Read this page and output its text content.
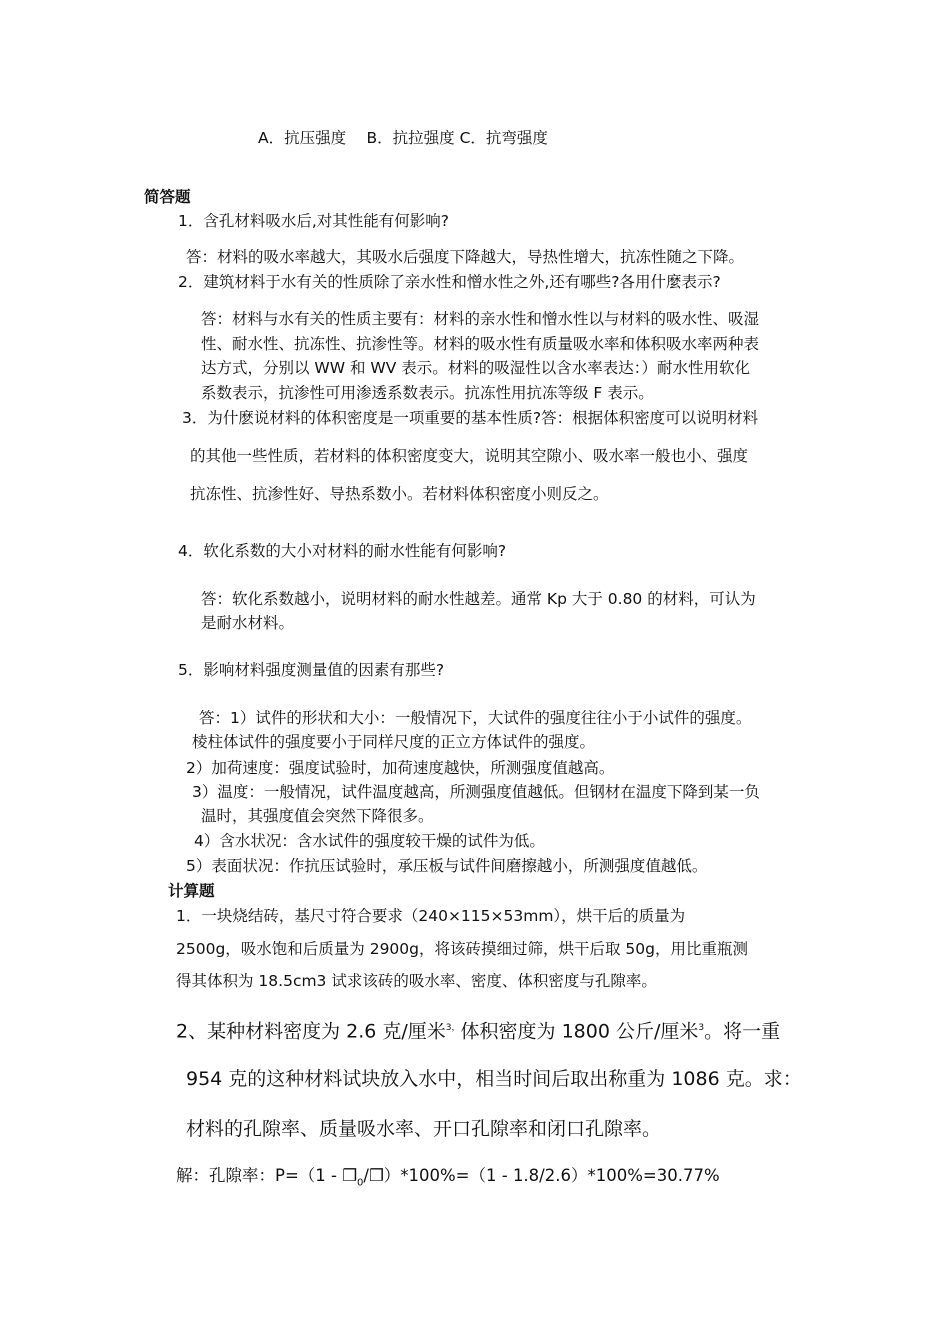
A．抗压强度　 B．抗拉强度 C．抗弯强度
简答题
1．含孔材料吸水后,对其性能有何影响?
答：材料的吸水率越大，其吸水后强度下降越大，导热性增大，抗冻性随之下降。
2．建筑材料于水有关的性质除了亲水性和憎水性之外,还有哪些?各用什麼表示?
答：材料与水有关的性质主要有：材料的亲水性和憎水性以与材料的吸水性、吸湿
性、耐水性、抗冻性、抗渗性等。材料的吸水性有质量吸水率和体积吸水率两种表
达方式，分别以 WW 和 WV 表示。材料的吸湿性以含水率表达：）耐水性用软化
系数表示，抗渗性可用渗透系数表示。抗冻性用抗冻等级 F 表示。
3．为什麽说材料的体积密度是一项重要的基本性质?答：根据体积密度可以说明材料
的其他一些性质，若材料的体积密度变大，说明其空隙小、吸水率一般也小、强度
抗冻性、抗渗性好、导热系数小。若材料体积密度小则反之。
4．软化系数的大小对材料的耐水性能有何影响?
答：软化系数越小，说明材料的耐水性越差。通常 Kp 大于 0.80 的材料，可认为
是耐水材料。
5．影响材料强度测量值的因素有那些?
答：1）试件的形状和大小：一般情况下，大试件的强度往往小于小试件的强度。
棱柱体试件的强度要小于同样尺度的正立方体试件的强度。
2）加荷速度：强度试验时，加荷速度越快，所测强度值越高。
3）温度：一般情况，试件温度越高，所测强度值越低。但钢材在温度下降到某一负
温时，其强度值会突然下降很多。
4）含水状况：含水试件的强度较干燥的试件为低。
5）表面状况：作抗压试验时，承压板与试件间磨擦越小，所测强度值越低。
计算题
1．一块烧结砖，基尺寸符合要求（240×115×53mm），烘干后的质量为
2500g，吸水饱和后质量为 2900g，将该砖摸细过筛，烘干后取 50g，用比重瓶测
得其体积为 18.5cm3 试求该砖的吸水率、密度、体积密度与孔隙率。
2、某种材料密度为 2.6 克/厘米$^{3,}$体积密度为 1800 公斤/厘米$^3$。将一重
954 克的这种材料试块放入水中，相当时间后取出称重为 1086 克。求：
材料的孔隙率、质量吸水率、开口孔隙率和闭口孔隙率。
解：孔隙率：$P=(1 - ❒_0/❒)*100\%=(1 - 1.8/2.6)*100\%=30.77\%$
